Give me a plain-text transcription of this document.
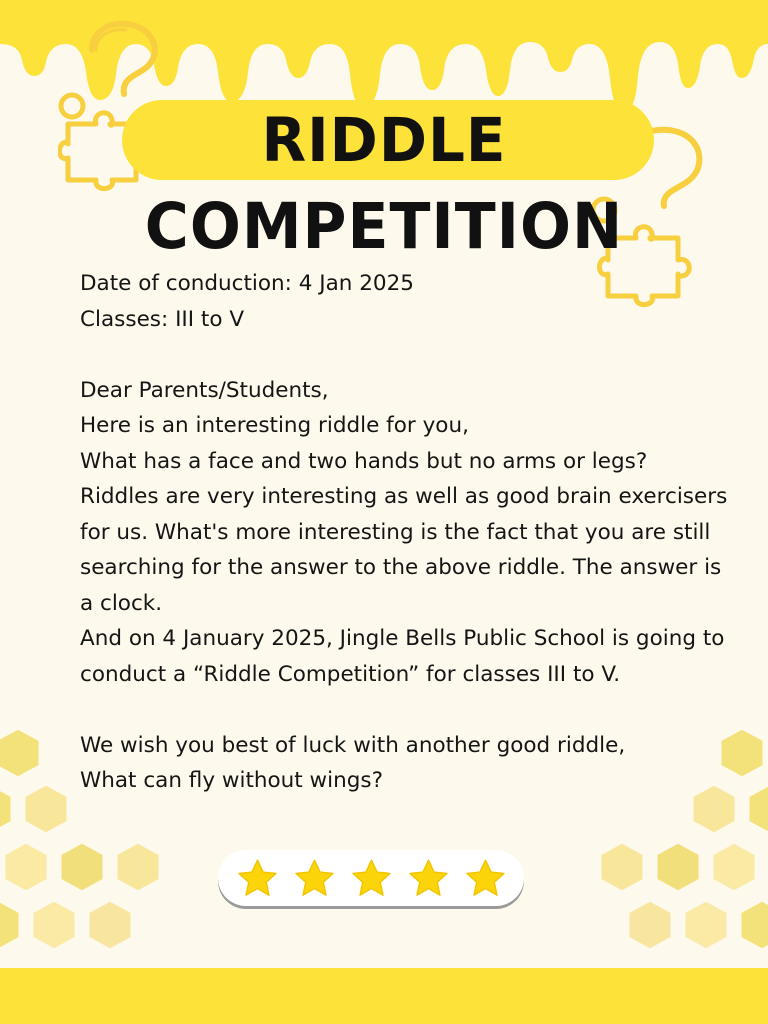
RIDDLE
COMPETITION

Date of conduction: 4 Jan 2025

Classes: III to V

Dear Parents/Students,

Here is an interesting riddle for you,

What has a face and two hands but no arms or legs?

Riddles are very interesting as well as good brain exercisers for us. What's more interesting is the fact that you are still searching for the answer to the above riddle. The answer is a clock.

And on 4 January 2025, Jingle Bells Public School is going to conduct a “Riddle Competition” for classes III to V.

We wish you best of luck with another good riddle,

What can fly without wings?
